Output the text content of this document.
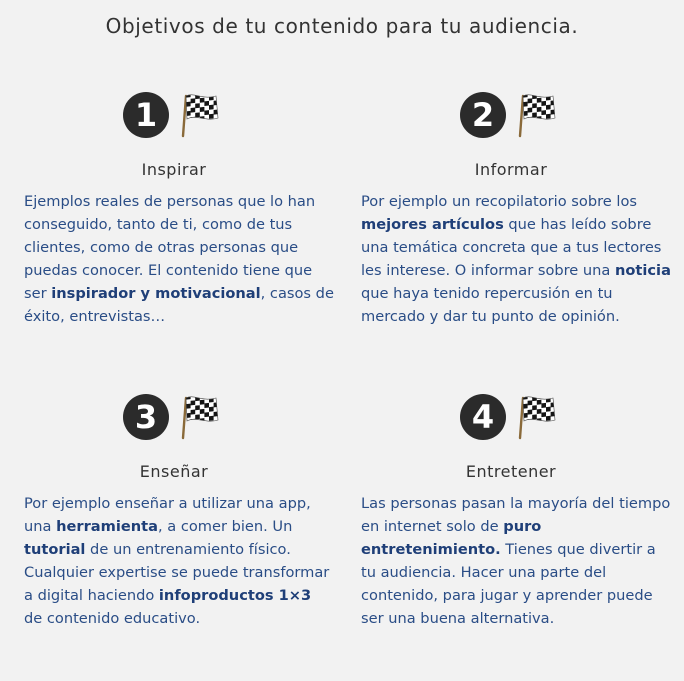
Objetivos de tu contenido para tu audiencia.
1
Inspirar

Ejemplos reales de personas que lo han conseguido, tanto de ti, como de tus clientes, como de otras personas que puedas conocer. El contenido tiene que ser inspirador y motivacional, casos de éxito, entrevistas…

2
Informar

Por ejemplo un recopilatorio sobre los mejores artículos que has leído sobre una temática concreta que a tus lectores les interese. O informar sobre una noticia que haya tenido repercusión en tu mercado y dar tu punto de opinión.

3
Enseñar

Por ejemplo enseñar a utilizar una app, una herramienta, a comer bien. Un tutorial de un entrenamiento físico. Cualquier expertise se puede transformar a digital haciendo infoproductos 1×3 de contenido educativo.

4
Entretener

Las personas pasan la mayoría del tiempo en internet solo de puro entretenimiento. Tienes que divertir a tu audiencia. Hacer una parte del contenido, para jugar y aprender puede ser una buena alternativa.
